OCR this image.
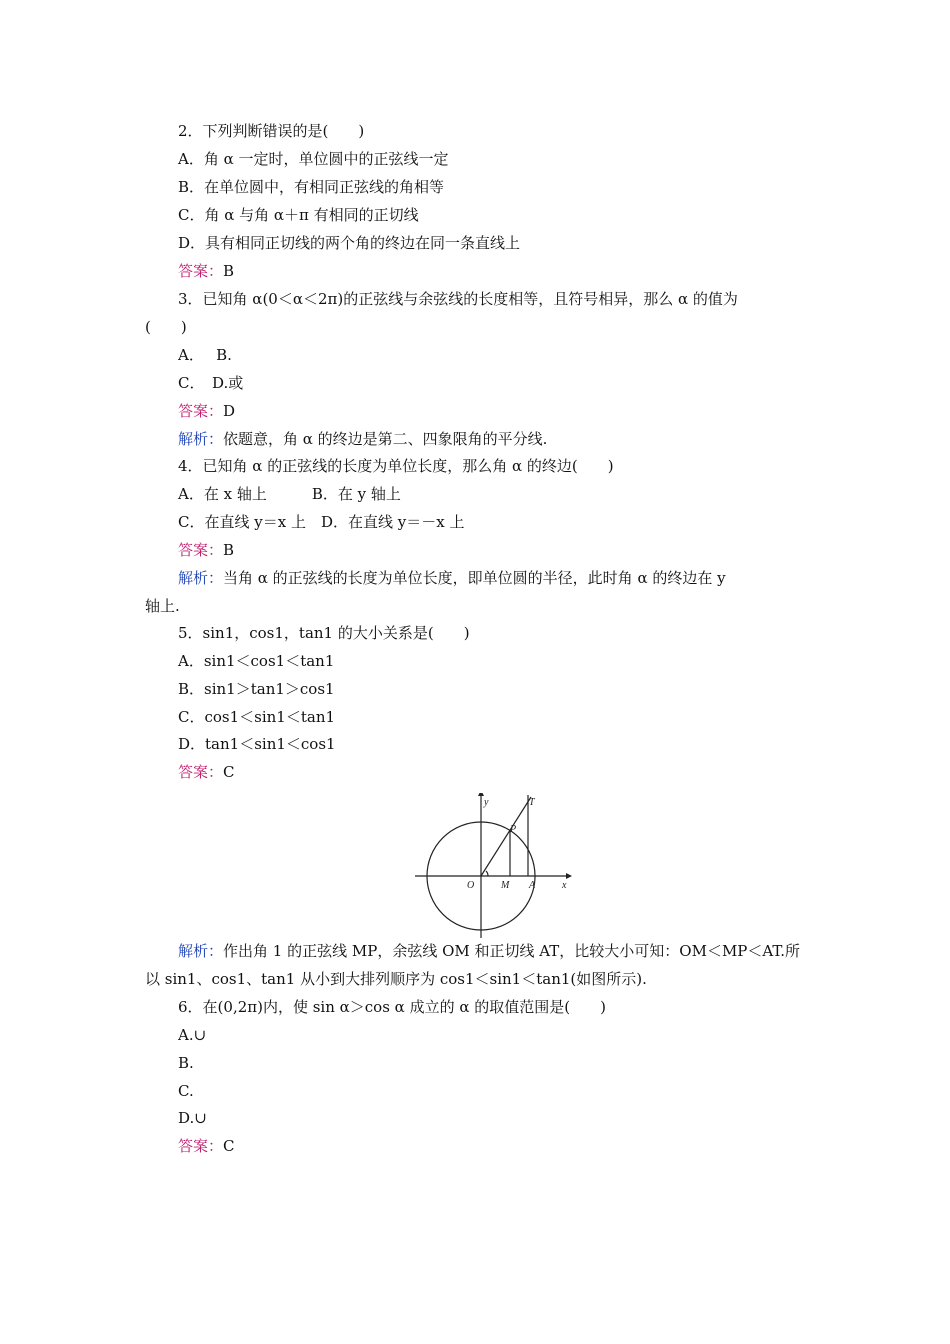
2．下列判断错误的是(　　)
A．角 α 一定时，单位圆中的正弦线一定
B．在单位圆中，有相同正弦线的角相等
C．角 α 与角 α＋π 有相同的正切线
D．具有相同正切线的两个角的终边在同一条直线上
答案：B
3．已知角 α(0＜α＜2π)的正弦线与余弦线的长度相等，且符号相异，那么 α 的值为
(　　)
A．　 B.
C．　D.或
答案：D
解析：依题意，角 α 的终边是第二、四象限角的平分线.
4．已知角 α 的正弦线的长度为单位长度，那么角 α 的终边(　　)
A．在 x 轴上　　　B．在 y 轴上
C．在直线 y＝x 上　D．在直线 y＝－x 上
答案：B
解析：当角 α 的正弦线的长度为单位长度，即单位圆的半径，此时角 α 的终边在 y
轴上.
5．sin1，cos1，tan1 的大小关系是(　　)
A．sin1＜cos1＜tan1
B．sin1＞tan1＞cos1
C．cos1＜sin1＜tan1
D．tan1＜sin1＜cos1
答案：C
y
x
O	M A
P
T
解析：作出角 1 的正弦线 MP，余弦线 OM 和正切线 AT，比较大小可知：OM＜MP＜AT.所
以 sin1、cos1、tan1 从小到大排列顺序为 cos1＜sin1＜tan1(如图所示).
6．在(0,2π)内，使 sin α＞cos α 成立的 α 的取值范围是(　　)
A.∪
B.
C.
D.∪
答案：C
